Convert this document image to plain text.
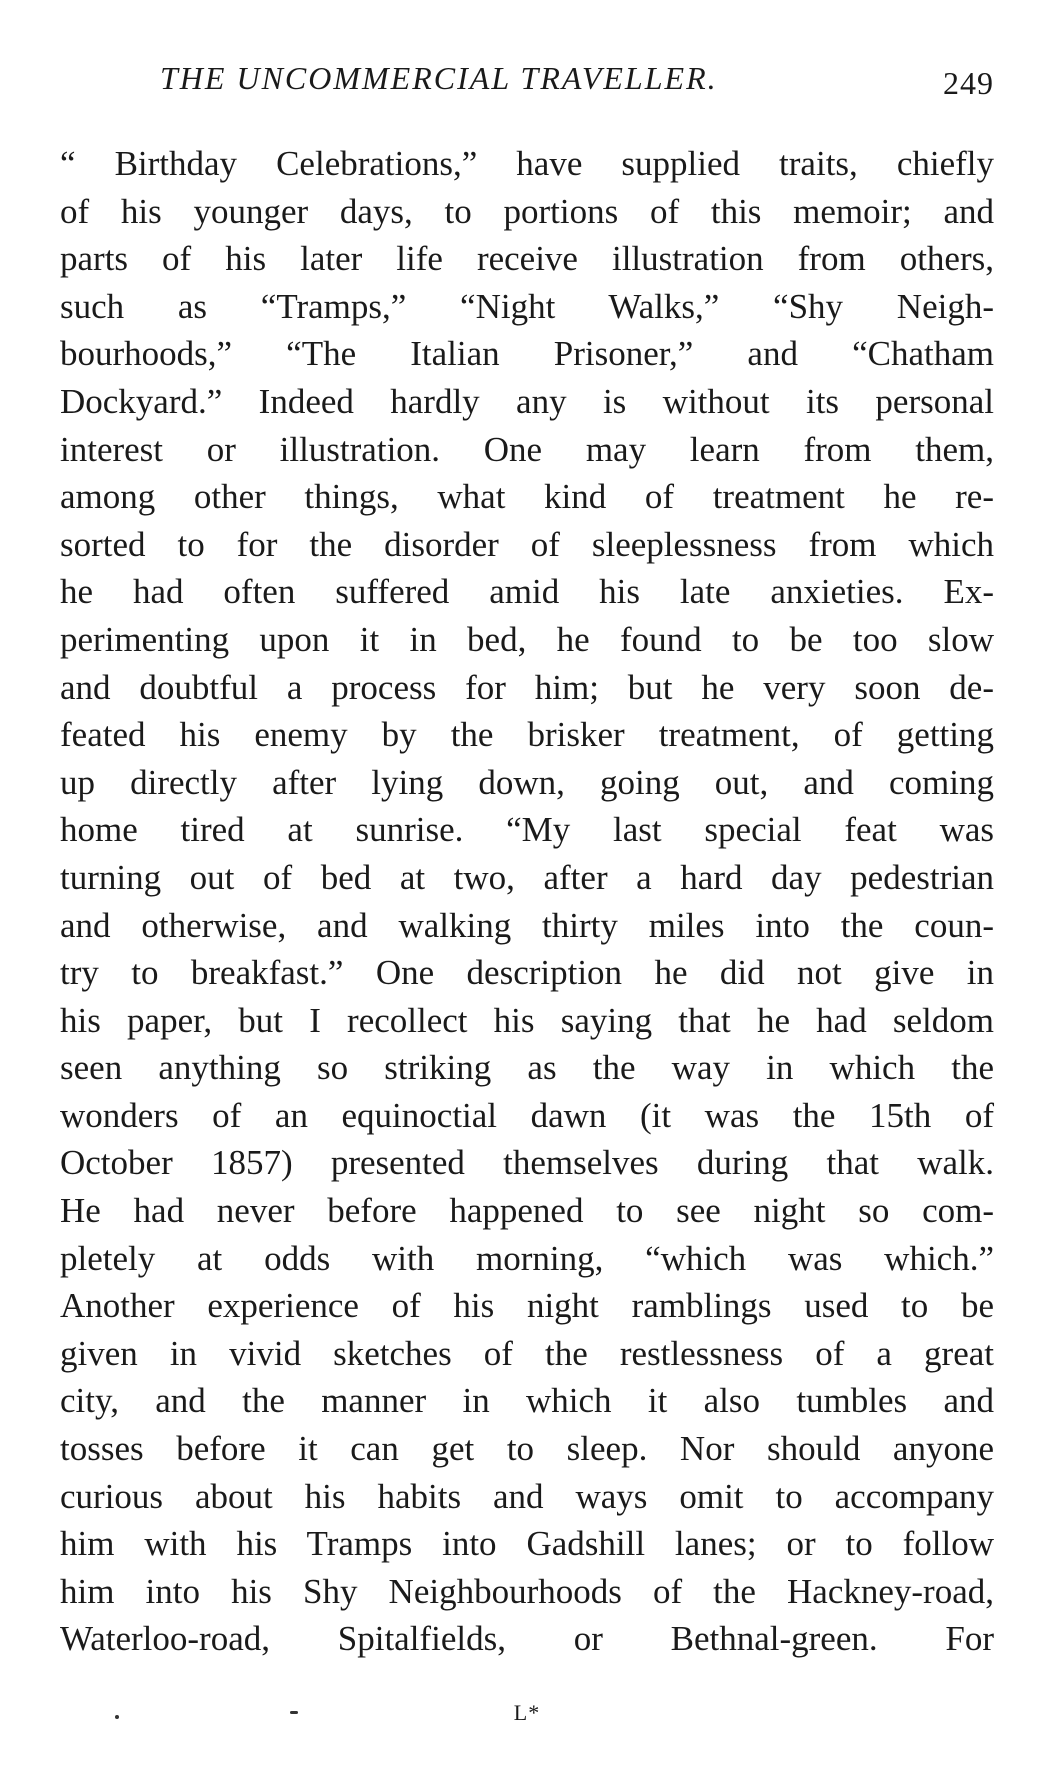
THE UNCOMMERCIAL TRAVELLER.	249
“ Birthday Celebrations,” have supplied traits, chiefly
of his younger days, to portions of this memoir; and
parts of his later life receive illustration from others,
such as “Tramps,” “Night Walks,” “Shy Neigh-
bourhoods,” “The Italian Prisoner,” and “Chatham
Dockyard.” Indeed hardly any is without its personal
interest or illustration. One may learn from them,
among other things, what kind of treatment he re-
sorted to for the disorder of sleeplessness from which
he had often suffered amid his late anxieties. Ex-
perimenting upon it in bed, he found to be too slow
and doubtful a process for him; but he very soon de-
feated his enemy by the brisker treatment, of getting
up directly after lying down, going out, and coming
home tired at sunrise. “My last special feat was
turning out of bed at two, after a hard day pedestrian
and otherwise, and walking thirty miles into the coun-
try to breakfast.” One description he did not give in
his paper, but I recollect his saying that he had seldom
seen anything so striking as the way in which the
wonders of an equinoctial dawn (it was the 15th of
October 1857) presented themselves during that walk.
He had never before happened to see night so com-
pletely at odds with morning, “which was which.”
Another experience of his night ramblings used to be
given in vivid sketches of the restlessness of a great
city, and the manner in which it also tumbles and
tosses before it can get to sleep. Nor should anyone
curious about his habits and ways omit to accompany
him with his Tramps into Gadshill lanes; or to follow
him into his Shy Neighbourhoods of the Hackney-road,
Waterloo-road, Spitalfields, or Bethnal-green. For
L*
